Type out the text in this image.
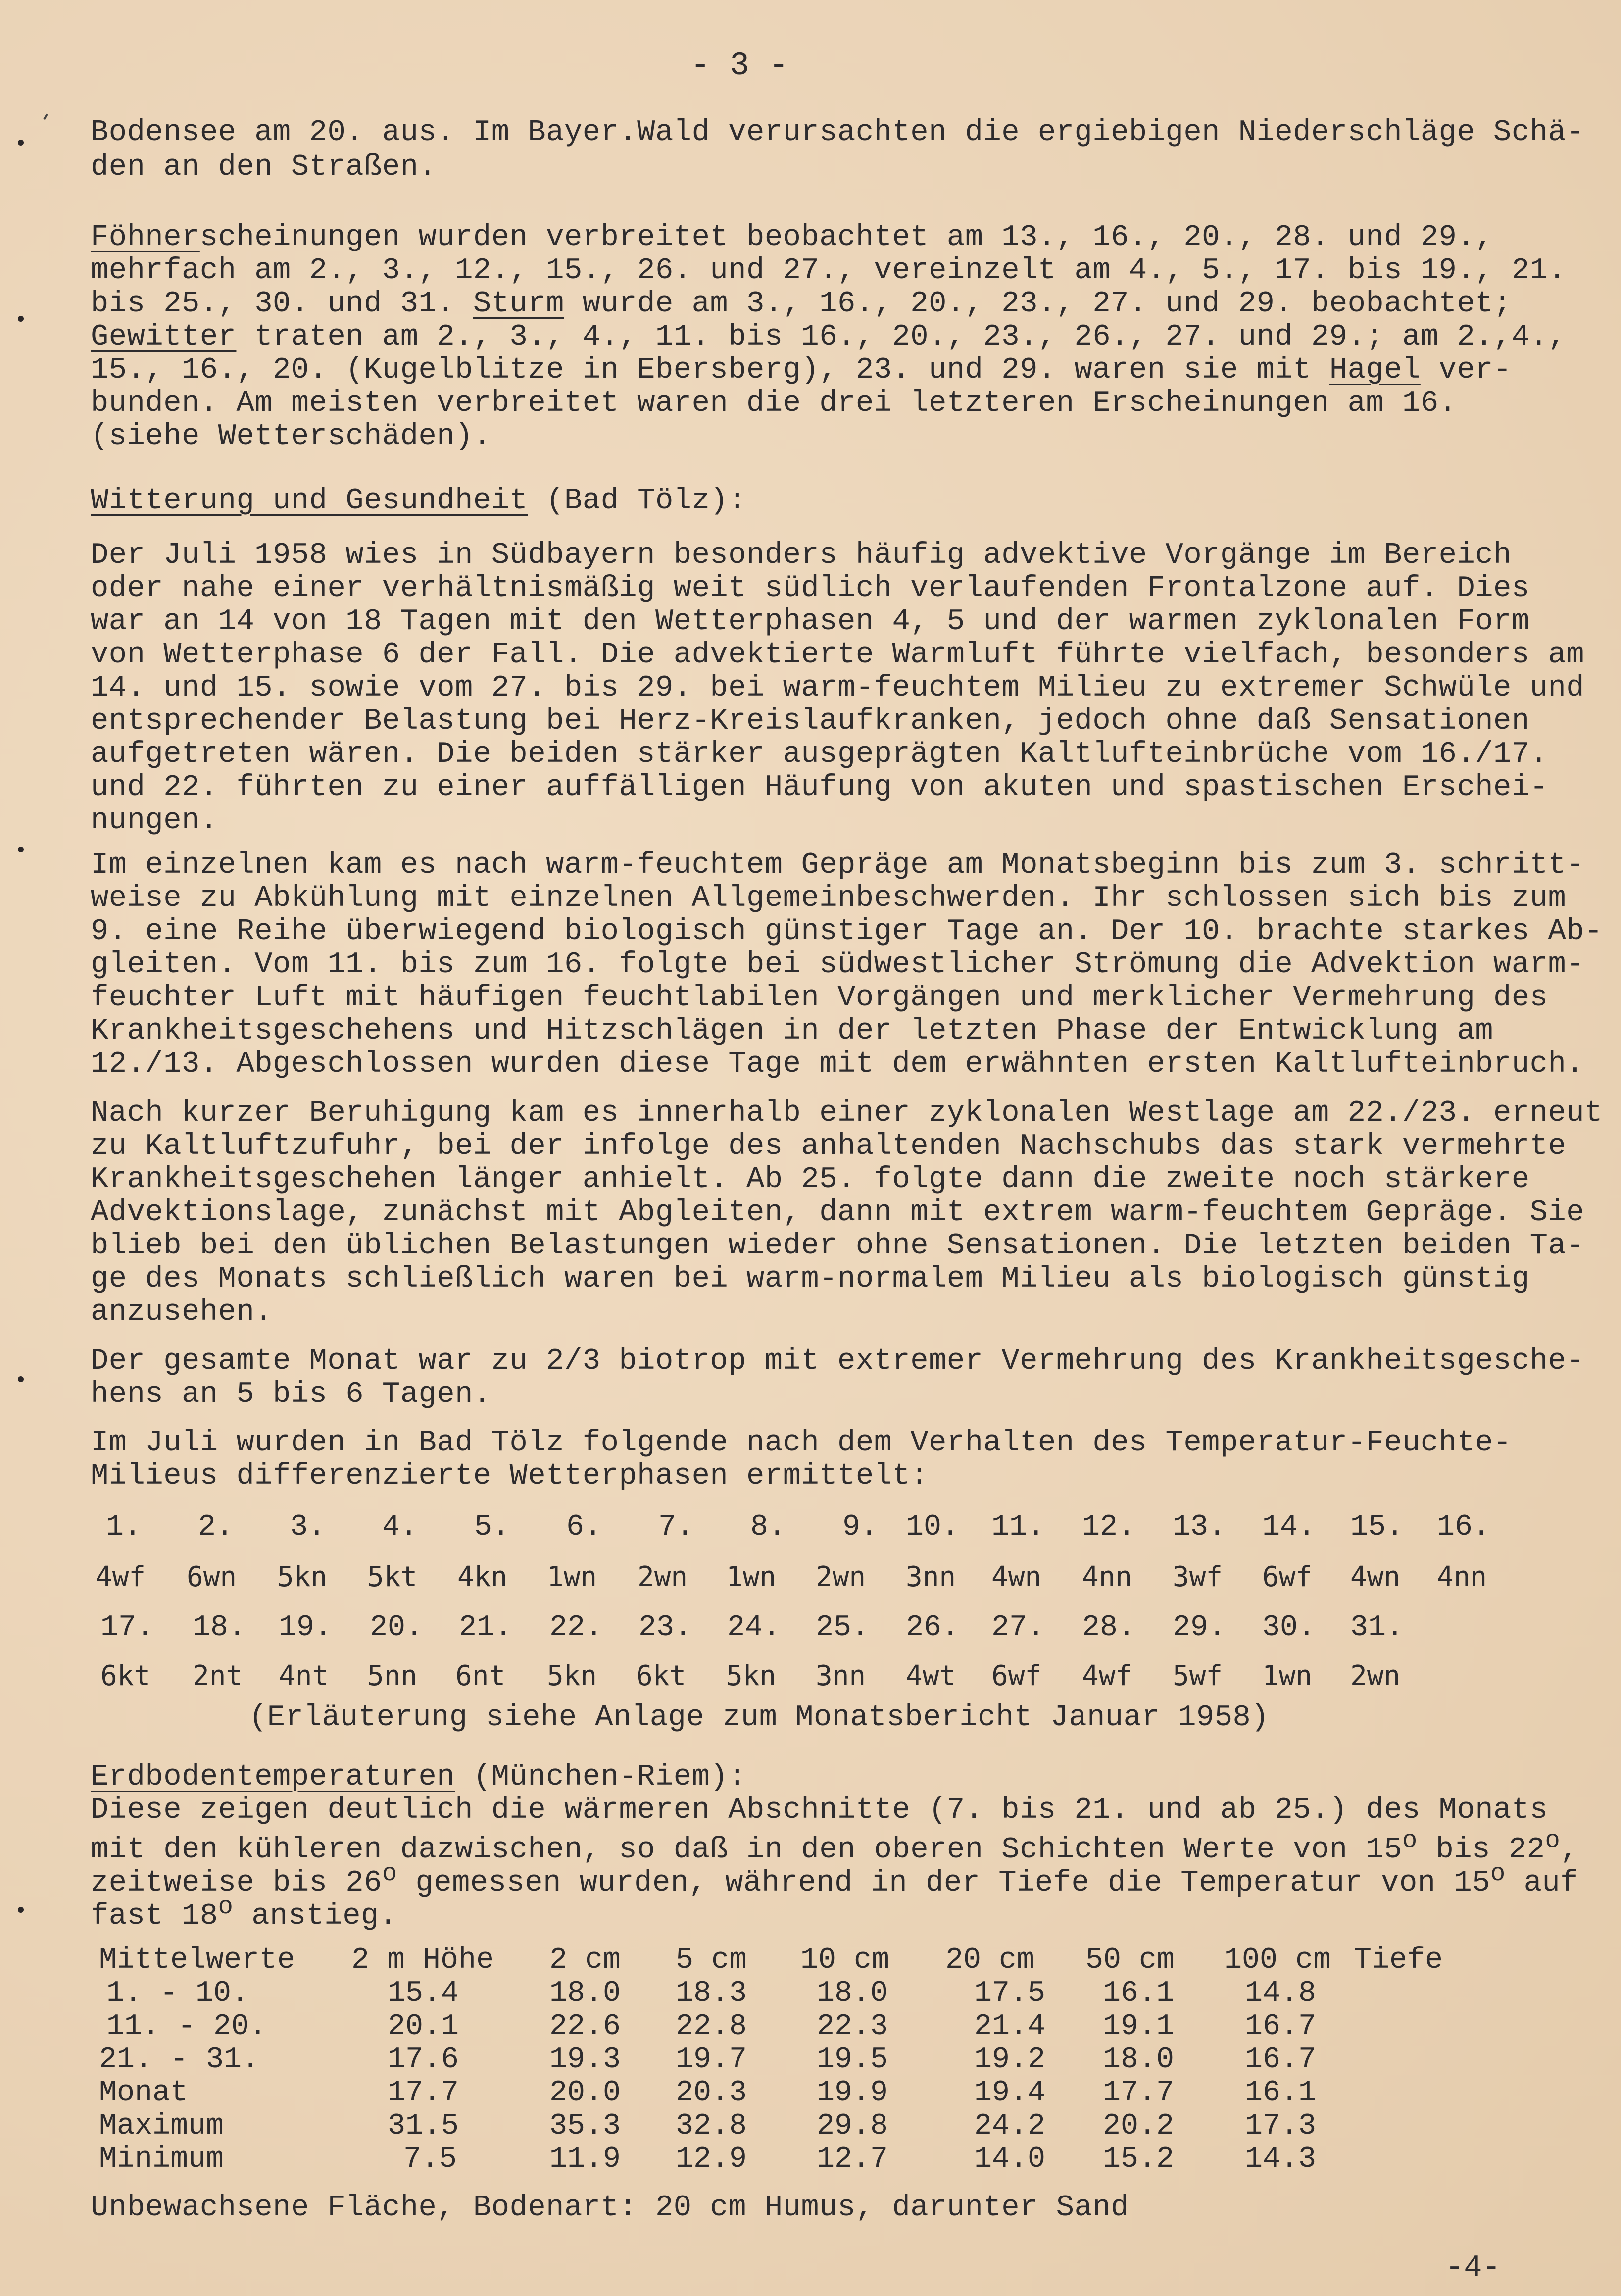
- 3 -
Bodensee am 20. aus. Im Bayer.Wald verursachten die ergiebigen Niederschläge Schä-
den an den Straßen.
Föhnerscheinungen wurden verbreitet beobachtet am 13., 16., 20., 28. und 29.,
mehrfach am 2., 3., 12., 15., 26. und 27., vereinzelt am 4., 5., 17. bis 19., 21.
bis 25., 30. und 31. Sturm wurde am 3., 16., 20., 23., 27. und 29. beobachtet;
Gewitter traten am 2., 3., 4., 11. bis 16., 20., 23., 26., 27. und 29.; am 2.,4.,
15., 16., 20. (Kugelblitze in Ebersberg), 23. und 29. waren sie mit Hagel ver-
bunden. Am meisten verbreitet waren die drei letzteren Erscheinungen am 16.
(siehe Wetterschäden).
Witterung und Gesundheit (Bad Tölz):
Der Juli 1958 wies in Südbayern besonders häufig advektive Vorgänge im Bereich
oder nahe einer verhältnismäßig weit südlich verlaufenden Frontalzone auf. Dies
war an 14 von 18 Tagen mit den Wetterphasen 4, 5 und der warmen zyklonalen Form
von Wetterphase 6 der Fall. Die advektierte Warmluft führte vielfach, besonders am
14. und 15. sowie vom 27. bis 29. bei warm-feuchtem Milieu zu extremer Schwüle und
entsprechender Belastung bei Herz-Kreislaufkranken, jedoch ohne daß Sensationen
aufgetreten wären. Die beiden stärker ausgeprägten Kaltlufteinbrüche vom 16./17.
und 22. führten zu einer auffälligen Häufung von akuten und spastischen Erschei-
nungen.
Im einzelnen kam es nach warm-feuchtem Gepräge am Monatsbeginn bis zum 3. schritt-
weise zu Abkühlung mit einzelnen Allgemeinbeschwerden. Ihr schlossen sich bis zum
9. eine Reihe überwiegend biologisch günstiger Tage an. Der 10. brachte starkes Ab-
gleiten. Vom 11. bis zum 16. folgte bei südwestlicher Strömung die Advektion warm-
feuchter Luft mit häufigen feuchtlabilen Vorgängen und merklicher Vermehrung des
Krankheitsgeschehens und Hitzschlägen in der letzten Phase der Entwicklung am
12./13. Abgeschlossen wurden diese Tage mit dem erwähnten ersten Kaltlufteinbruch.
Nach kurzer Beruhigung kam es innerhalb einer zyklonalen Westlage am 22./23. erneut
zu Kaltluftzufuhr, bei der infolge des anhaltenden Nachschubs das stark vermehrte
Krankheitsgeschehen länger anhielt. Ab 25. folgte dann die zweite noch stärkere
Advektionslage, zunächst mit Abgleiten, dann mit extrem warm-feuchtem Gepräge. Sie
blieb bei den üblichen Belastungen wieder ohne Sensationen. Die letzten beiden Ta-
ge des Monats schließlich waren bei warm-normalem Milieu als biologisch günstig
anzusehen.
Der gesamte Monat war zu 2/3 biotrop mit extremer Vermehrung des Krankheitsgesche-
hens an 5 bis 6 Tagen.
Im Juli wurden in Bad Tölz folgende nach dem Verhalten des Temperatur-Feuchte-
Milieus differenzierte Wetterphasen ermittelt:
1. 2. 3. 4. 5. 6. 7. 8. 9. 10. 11. 12. 13. 14. 15. 16.
4wf 6wn 5kn 5kt 4kn 1wn 2wn 1wn 2wn 3nn 4wn 4nn 3wf 6wf 4wn 4nn
17. 18. 19. 20. 21. 22. 23. 24. 25. 26. 27. 28. 29. 30. 31.
6kt 2nt 4nt 5nn 6nt 5kn 6kt 5kn 3nn 4wt 6wf 4wf 5wf 1wn 2wn
(Erläuterung siehe Anlage zum Monatsbericht Januar 1958)
Erdbodentemperaturen (München-Riem):
Diese zeigen deutlich die wärmeren Abschnitte (7. bis 21. und ab 25.) des Monats
mit den kühleren dazwischen, so daß in den oberen Schichten Werte von 15$^o$ bis 22$^o$,
zeitweise bis 26$^o$ gemessen wurden, während in der Tiefe die Temperatur von 15$^o$ auf
fast 18$^o$ anstieg.
Mittelwerte 2 m Höhe 2 cm 5 cm 10 cm 20 cm 50 cm 100 cm Tiefe
1. - 10.	15.4	18.0 18.3 18.0	17.5 16.1 14.8
11. - 20.	20.1	22.6 22.8 22.3	21.4 19.1 16.7
21. - 31.	17.6	19.3 19.7 19.5	19.2 18.0 16.7
Monat	17.7	20.0 20.3 19.9	19.4 17.7 16.1
Maximum	31.5	35.3 32.8 29.8	24.2 20.2 17.3
Minimum	7.5	11.9 12.9 12.7	14.0 15.2 14.3
Unbewachsene Fläche, Bodenart: 20 cm Humus, darunter Sand
-4-
